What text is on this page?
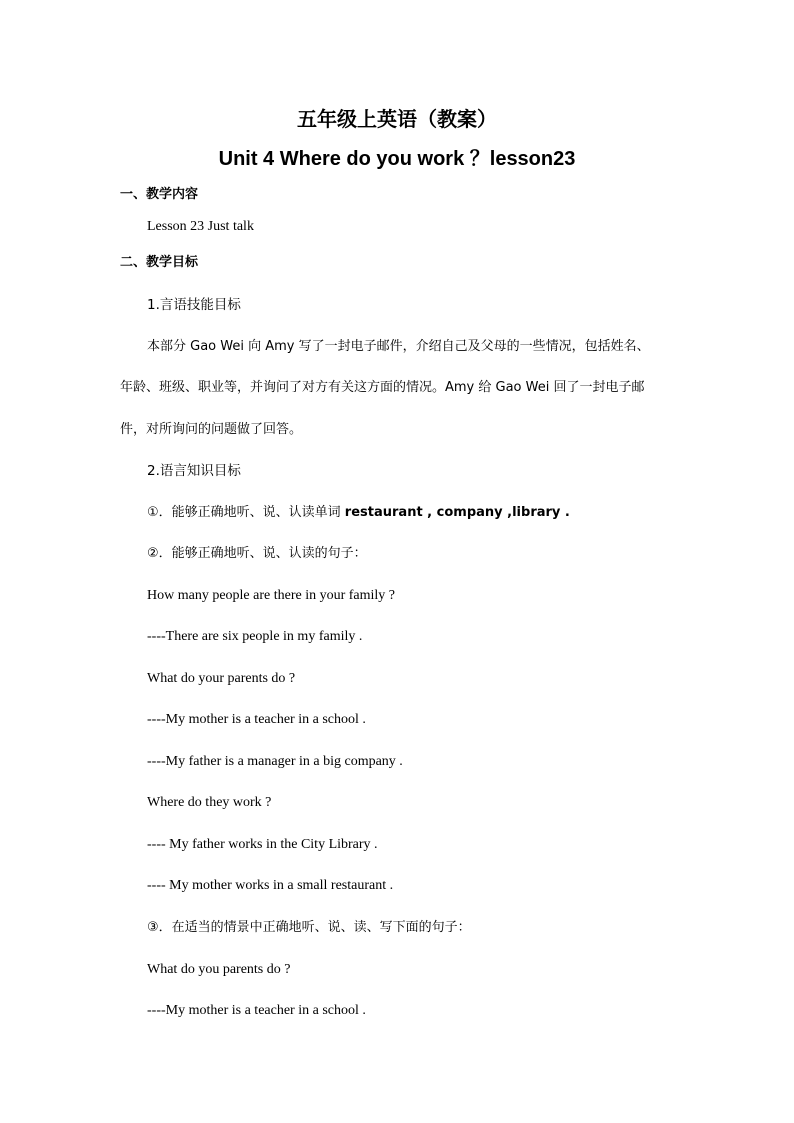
五年级上英语（教案）
Unit 4 Where do you work ？lesson23
一、教学内容
Lesson 23 Just talk
二、教学目标
1.言语技能目标
本部分 Gao Wei 向 Amy 写了一封电子邮件，介绍自己及父母的一些情况，包括姓名、
年龄、班级、职业等，并询问了对方有关这方面的情况。Amy 给 Gao Wei 回了一封电子邮
件，对所询问的问题做了回答。
2.语言知识目标
①．能够正确地听、说、认读单词 restaurant , company ,library .
②．能够正确地听、说、认读的句子：
How many people are there in your family ?
----There are six people in my family .
What do your parents do ?
----My mother is a teacher in a school .
----My father is a manager in a big company .
Where do they work ?
---- My father works in the City Library .
---- My mother works in a small restaurant .
③．在适当的情景中正确地听、说、读、写下面的句子：
What do you parents do ?
----My mother is a teacher in a school .
